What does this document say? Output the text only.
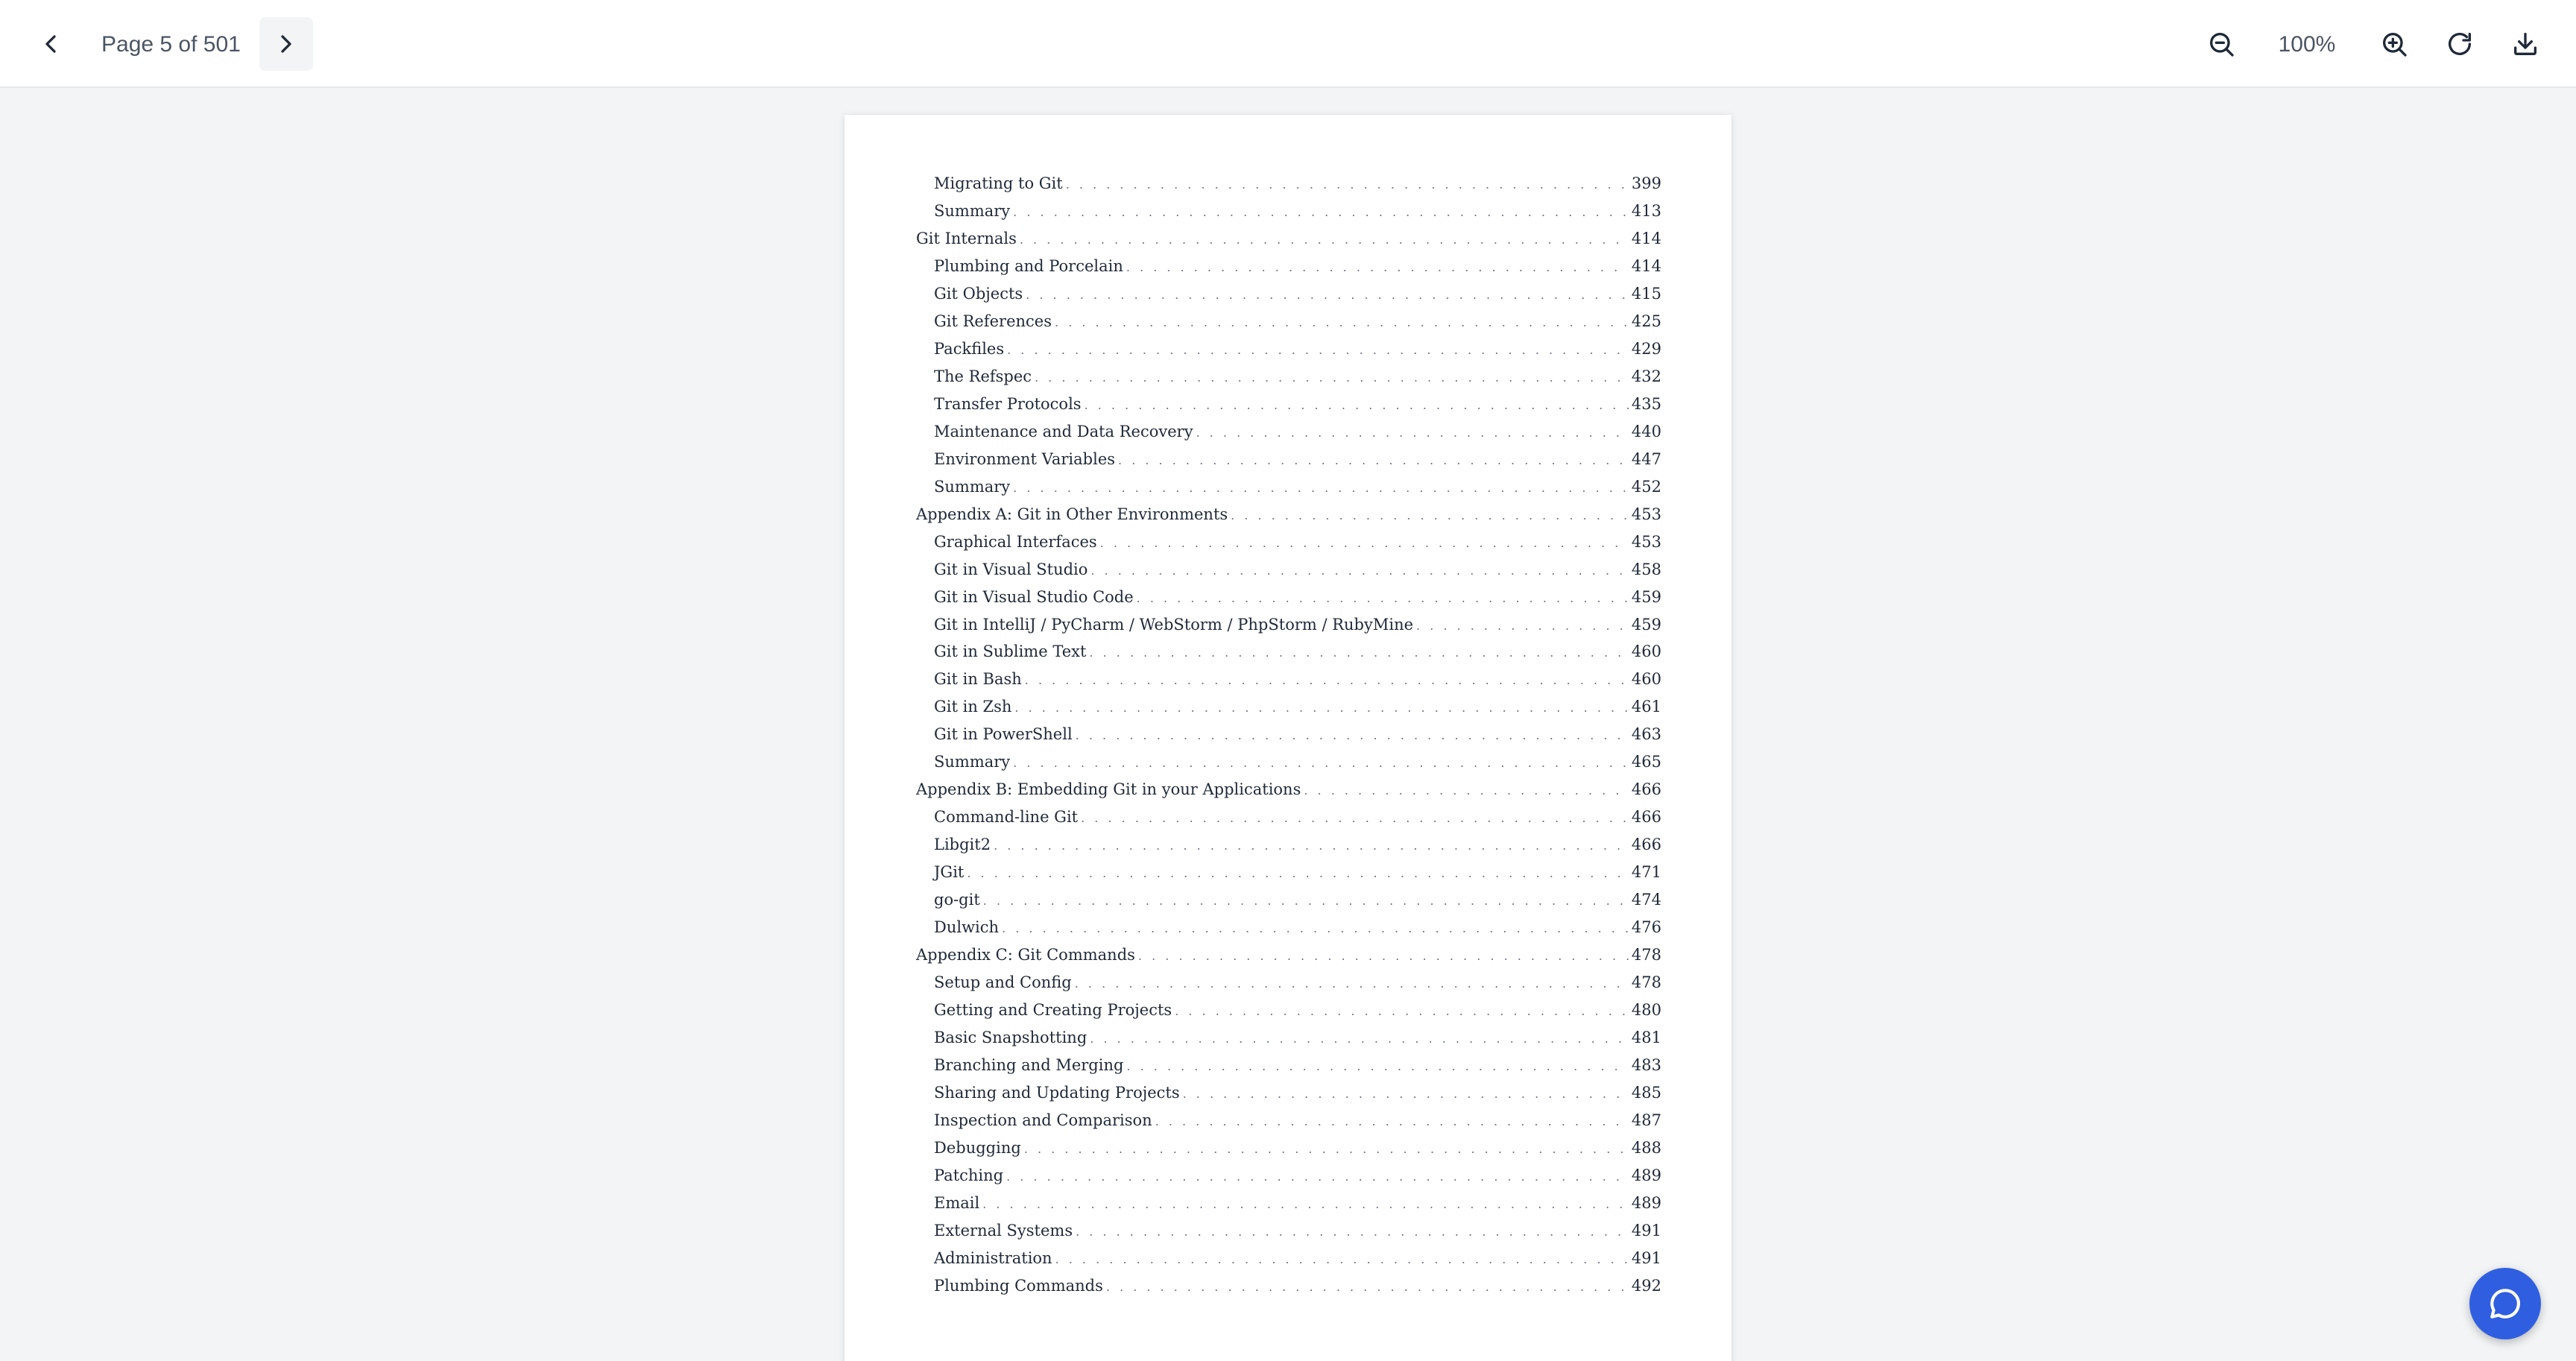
Page 5 of 501	100%
Migrating to Git . . .	399
Summary . . .	413
Git Internals . . .	414
Plumbing and Porcelain . . .	414
Git Objects . . .	415
Git References . . .	425
Packfiles . . .	429
The Refspec . . .	432
Transfer Protocols . . .	435
Maintenance and Data Recovery . . .	440
Environment Variables . . .	447
Summary . . .	452
Appendix A: Git in Other Environments . . .	453
Graphical Interfaces . . .	453
Git in Visual Studio . . .	458
Git in Visual Studio Code . . .	459
Git in IntelliJ / PyCharm / WebStorm / PhpStorm / RubyMine . . .	459
Git in Sublime Text . . .	460
Git in Bash . . .	460
Git in Zsh . . .	461
Git in PowerShell . . .	463
Summary . . .	465
Appendix B: Embedding Git in your Applications . . .	466
Command-line Git . . .	466
Libgit2 . . .	466
JGit . . .	471
go-git . . .	474
Dulwich . . .	476
Appendix C: Git Commands . . .	478
Setup and Config . . .	478
Getting and Creating Projects . . .	480
Basic Snapshotting . . .	481
Branching and Merging . . .	483
Sharing and Updating Projects . . .	485
Inspection and Comparison . . .	487
Debugging . . .	488
Patching . . .	489
Email . . .	489
External Systems . . .	491
Administration . . .	491
Plumbing Commands . . .	492
